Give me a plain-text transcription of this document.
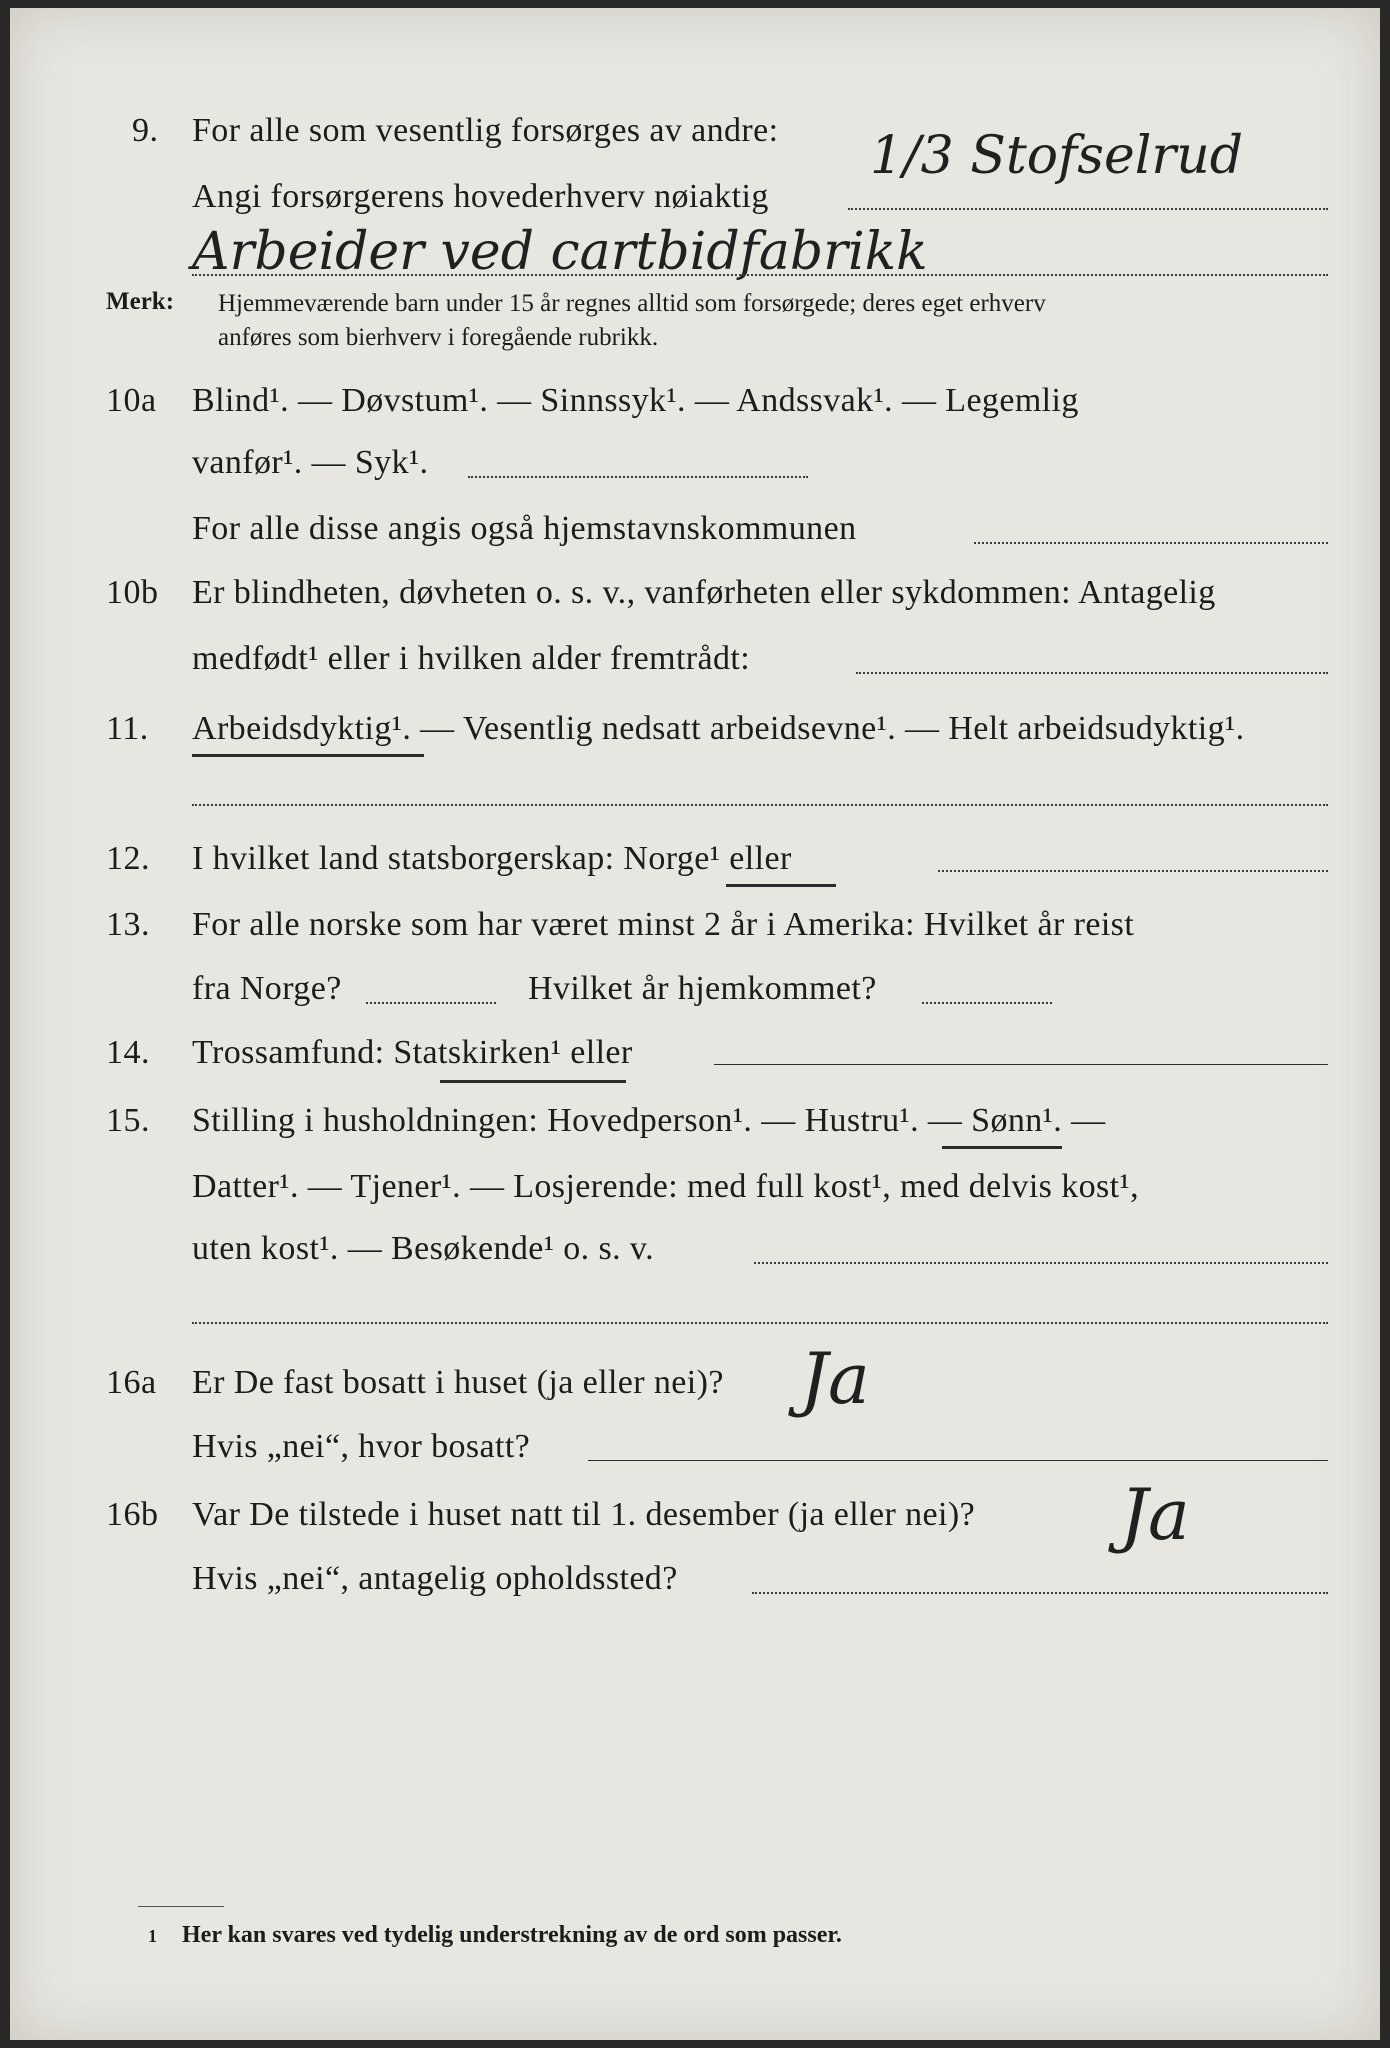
9. For alle som vesentlig forsørges av andre: 1/3 Stofselrud
Angi forsørgerens hovederhverv nøiaktig
Arbeider ved cartbidfabrikk
Merk: Hjemmeværende barn under 15 år regnes alltid som forsørgede; deres eget erhverv
anføres som bierhverv i foregående rubrikk.
10a Blind¹. — Døvstum¹. — Sinnssyk¹. — Andssvak¹. — Legemlig
vanfør¹. — Syk¹.
For alle disse angis også hjemstavnskommunen
10b Er blindheten, døvheten o. s. v., vanførheten eller sykdommen: Antagelig
medfødt¹ eller i hvilken alder fremtrådt:
11. Arbeidsdyktig¹. — Vesentlig nedsatt arbeidsevne¹. — Helt arbeidsudyktig¹.
12. I hvilket land statsborgerskap: Norge¹ eller
13. For alle norske som har været minst 2 år i Amerika: Hvilket år reist
fra Norge?	Hvilket år hjemkommet?
14. Trossamfund: Statskirken¹ eller
15. Stilling i husholdningen: Hovedperson¹. — Hustru¹. — Sønn¹. —
Datter¹. — Tjener¹. — Losjerende: med full kost¹, med delvis kost¹,
uten kost¹. — Besøkende¹ o. s. v.
16a Er De fast bosatt i huset (ja eller nei)? Ja
Hvis „nei“, hvor bosatt?
16b Var De tilstede i huset natt til 1. desember (ja eller nei)? Ja
Hvis „nei“, antagelig opholdssted?
1 Her kan svares ved tydelig understrekning av de ord som passer.
